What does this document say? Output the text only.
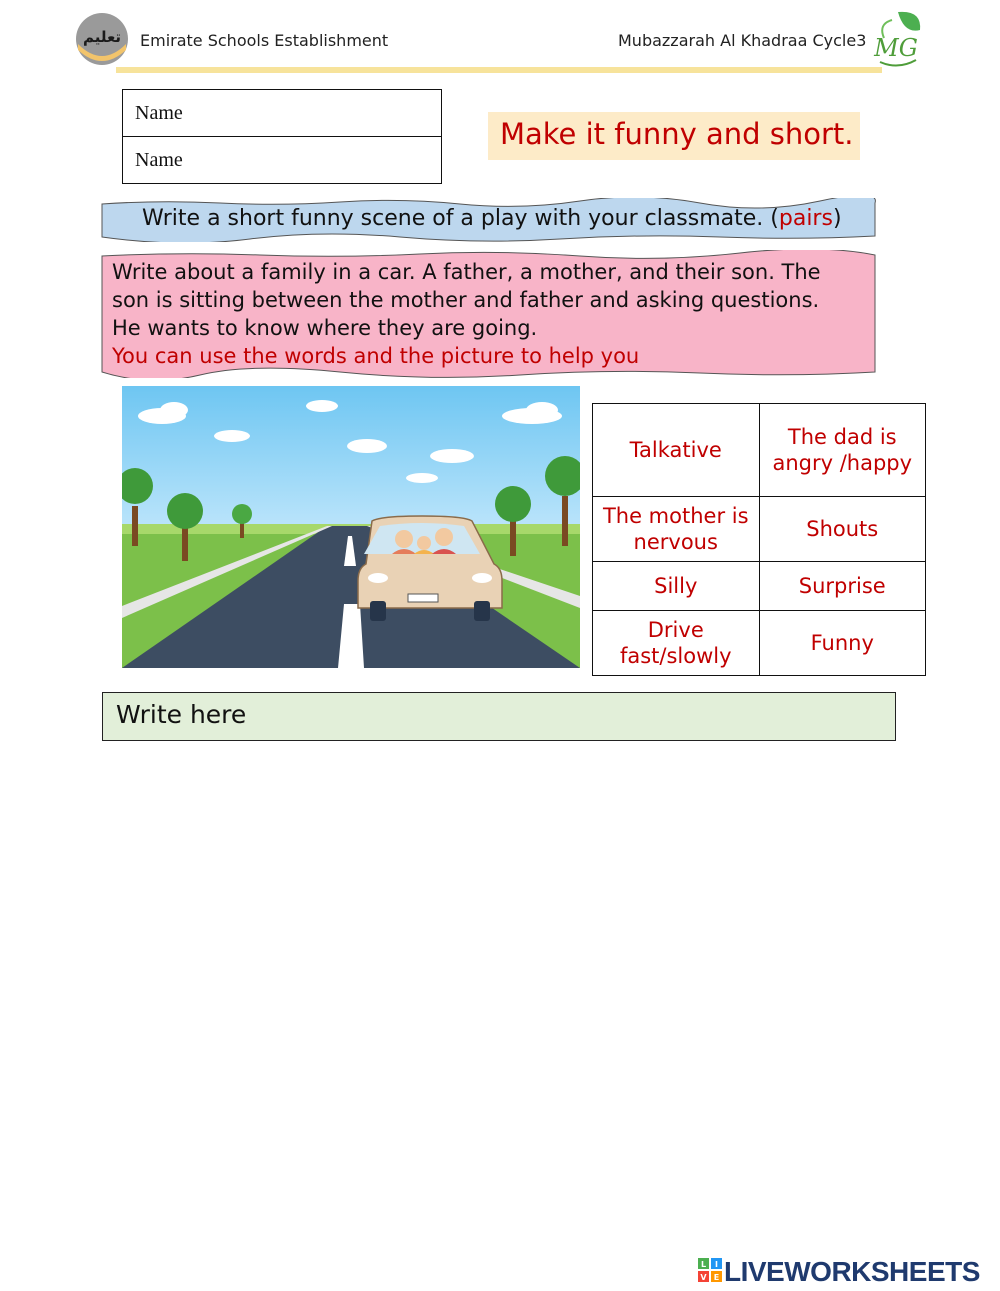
تعليم Emirate Schools Establishment	Mubazzarah Al Khadraa Cycle3 MG
Name
Name
Make it funny and short.
Write a short funny scene of a play with your classmate. (pairs)
Write about a family in a car. A father, a mother, and their son. The
son is sitting between the mother and father and asking questions.
He wants to know where they are going.
You can use the words and the picture to help you
Talkative	The dad is angry /happy
The mother is nervous	Shouts
Silly	Surprise
Drive fast/slowly	Funny
Write here
L I
V E LIVEWORKSHEETS
